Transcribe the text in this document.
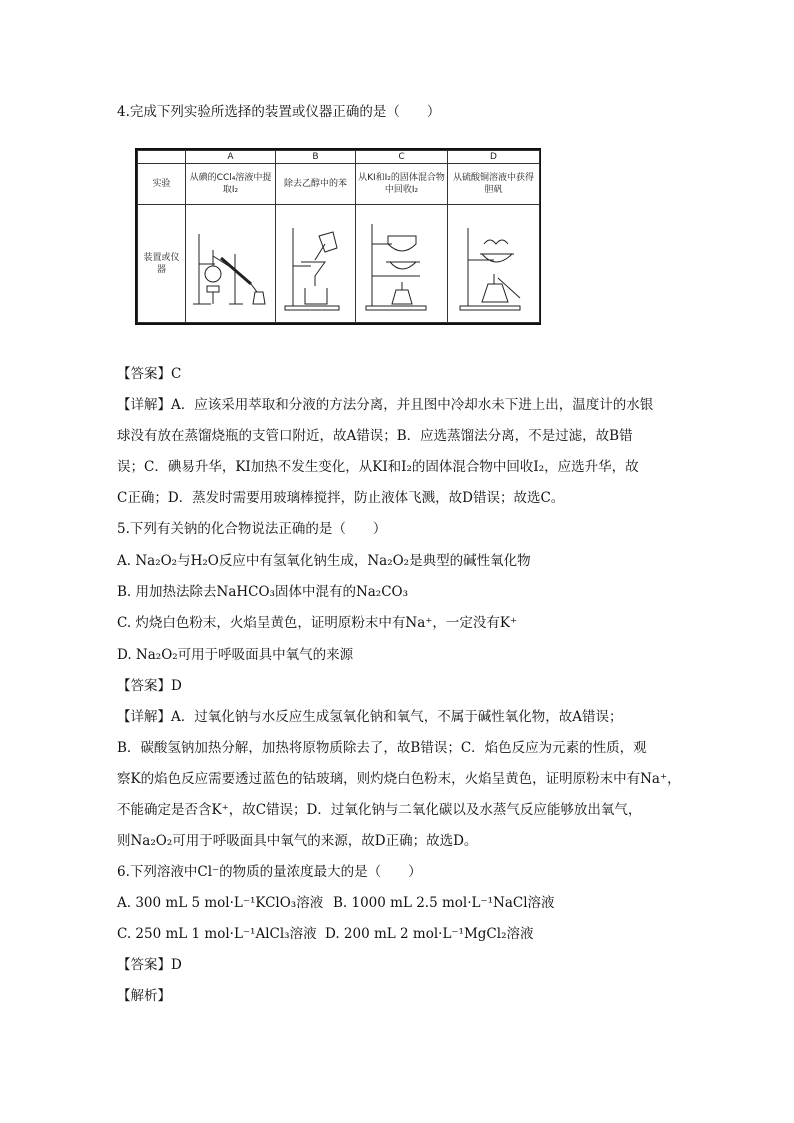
4.完成下列实验所选择的装置或仪器正确的是（　　）
	A	B	C	D
实验	从碘的CCl₄溶液中提取I₂	除去乙醇中的苯	从KI和I₂的固体混合物中回收I₂	从硫酸铜溶液中获得胆矾
装置或仪器	

【答案】C
【详解】A．应该采用萃取和分液的方法分离，并且图中冷却水未下进上出，温度计的水银
球没有放在蒸馏烧瓶的支管口附近，故A错误；B．应选蒸馏法分离，不是过滤，故B错
误；C．碘易升华，KI加热不发生变化，从KI和I₂的固体混合物中回收I₂，应选升华，故
C正确；D．蒸发时需要用玻璃棒搅拌，防止液体飞溅，故D错误；故选C。
5.下列有关钠的化合物说法正确的是（　　）
A. Na₂O₂与H₂O反应中有氢氧化钠生成，Na₂O₂是典型的碱性氧化物
B. 用加热法除去NaHCO₃固体中混有的Na₂CO₃
C. 灼烧白色粉末，火焰呈黄色，证明原粉末中有Na⁺，一定没有K⁺
D. Na₂O₂可用于呼吸面具中氧气的来源
【答案】D
【详解】A．过氧化钠与水反应生成氢氧化钠和氧气，不属于碱性氧化物，故A错误；
B．碳酸氢钠加热分解，加热将原物质除去了，故B错误；C．焰色反应为元素的性质，观
察K的焰色反应需要透过蓝色的钴玻璃，则灼烧白色粉末，火焰呈黄色，证明原粉末中有Na⁺，
不能确定是否含K⁺，故C错误；D．过氧化钠与二氧化碳以及水蒸气反应能够放出氧气，
则Na₂O₂可用于呼吸面具中氧气的来源，故D正确；故选D。
6.下列溶液中Cl⁻的物质的量浓度最大的是（　　）
A. 300 mL 5 mol·L⁻¹KClO₃溶液 B. 1000 mL 2.5 mol·L⁻¹NaCl溶液
C. 250 mL 1 mol·L⁻¹AlCl₃溶液 D. 200 mL 2 mol·L⁻¹MgCl₂溶液
【答案】D
【解析】
